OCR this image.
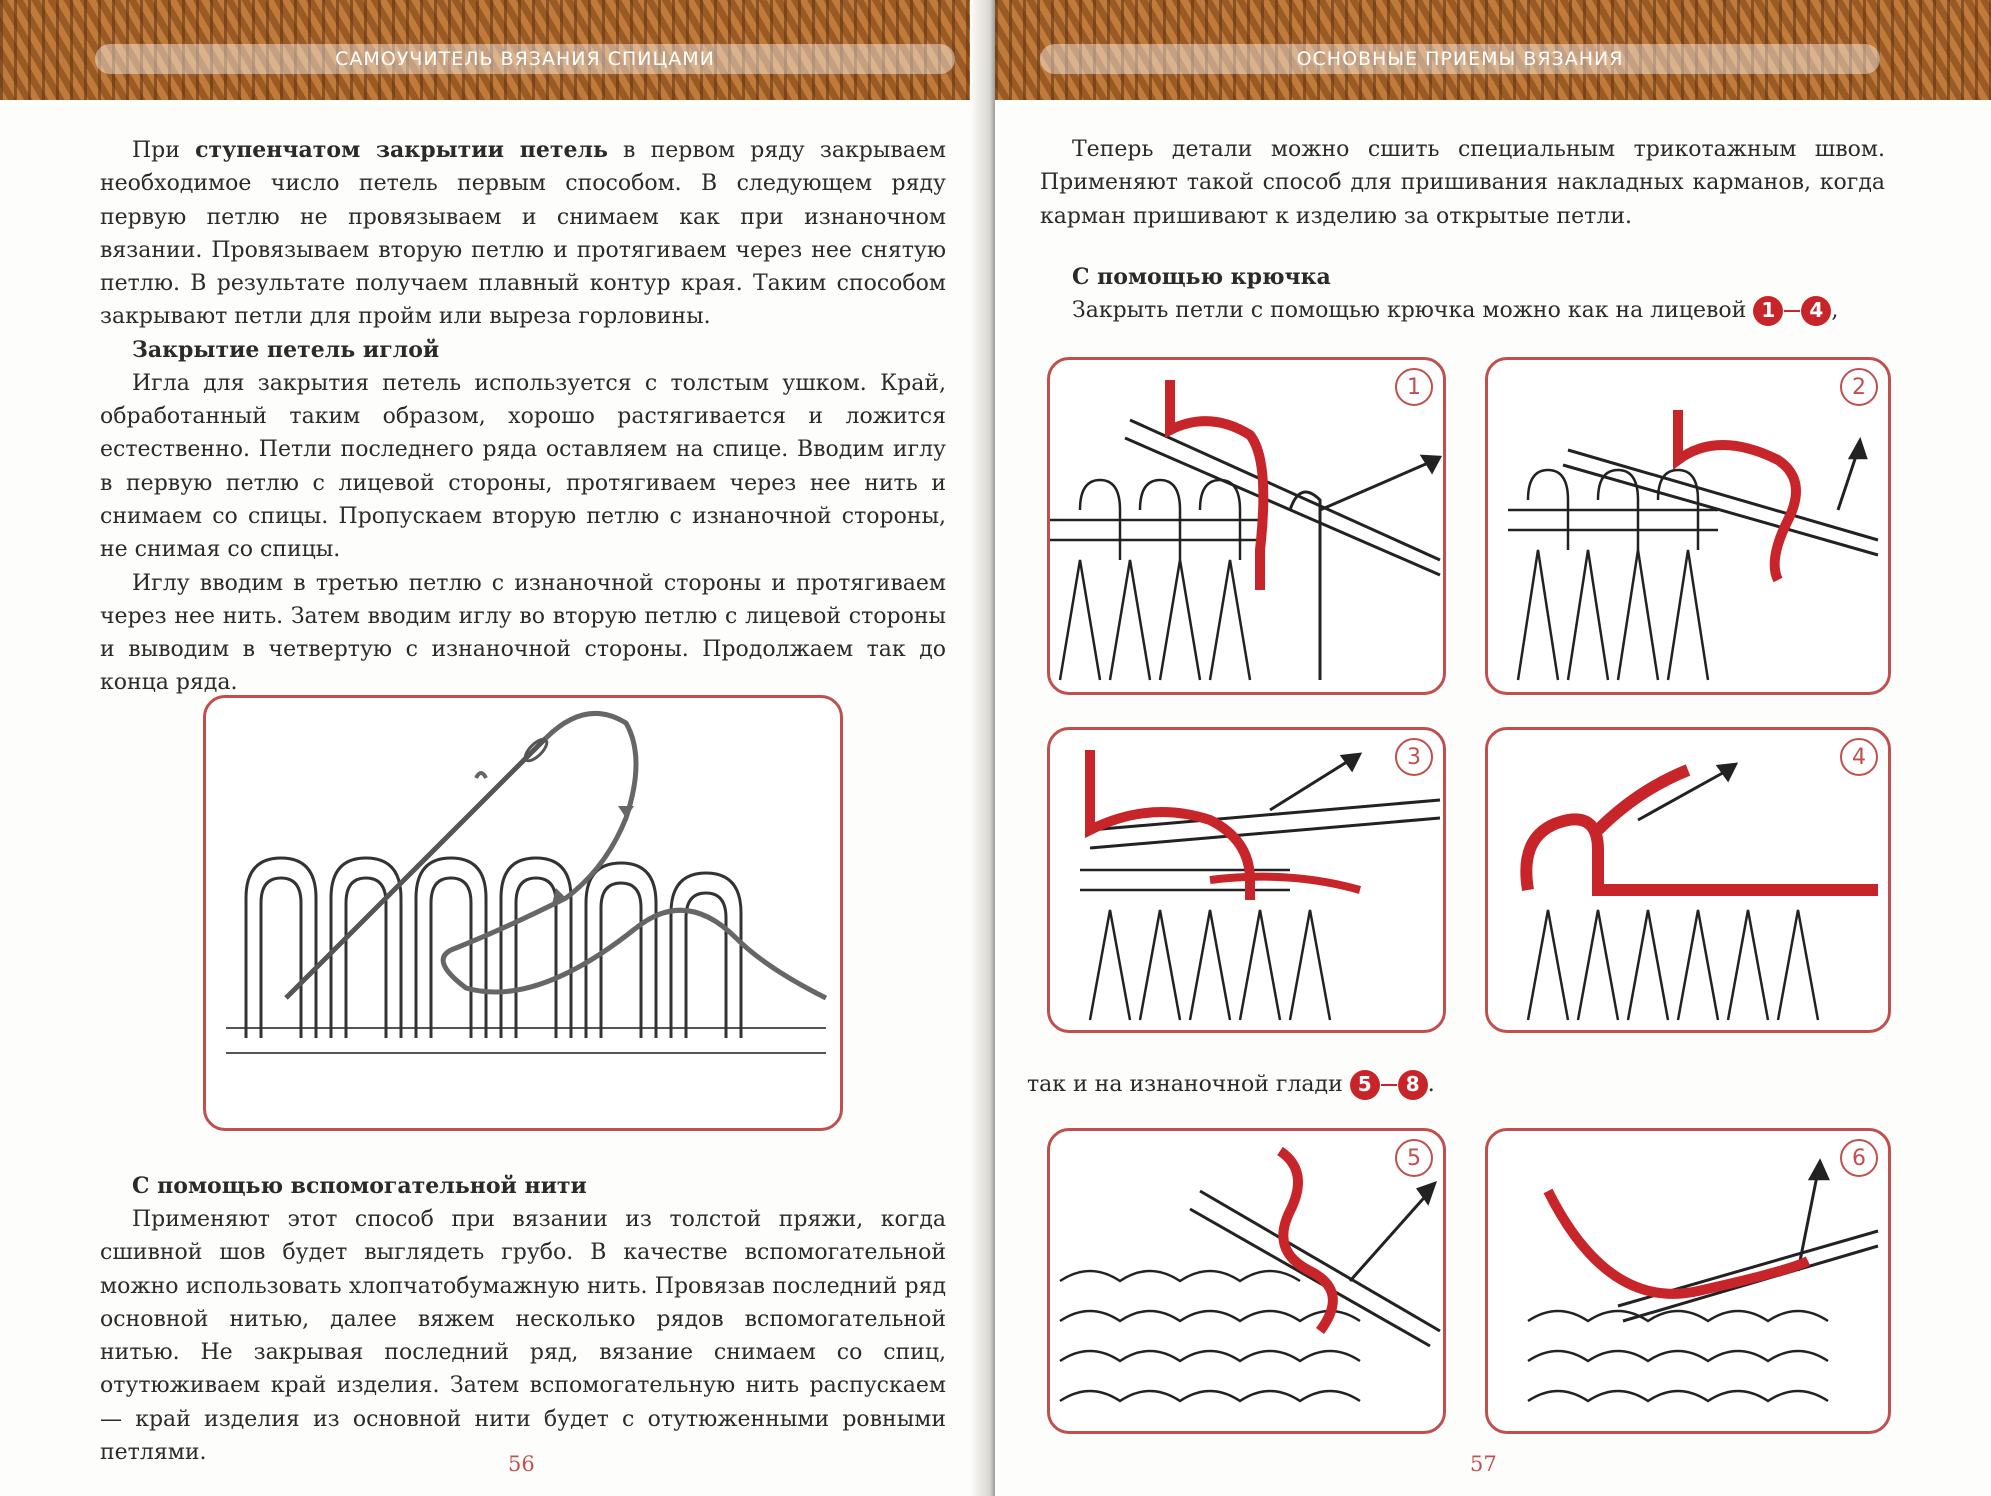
САМОУЧИТЕЛЬ ВЯЗАНИЯ СПИЦАМИ

При ступенчатом закрытии петель в первом ряду закрываем необходимое число петель первым способом. В следующем ряду первую петлю не провязываем и снимаем как при изнаночном вязании. Провязываем вторую петлю и протягиваем через нее снятую петлю. В результате получаем плавный контур края. Таким способом закрывают петли для пройм или выреза горловины.

Закрытие петель иглой

Игла для закрытия петель используется с толстым ушком. Край, обработанный таким образом, хорошо растягивается и ложится естественно. Петли последнего ряда оставляем на спице. Вводим иглу в первую петлю с лицевой стороны, протягиваем через нее нить и снимаем со спицы. Пропускаем вторую петлю с изнаночной стороны, не снимая со спицы.

Иглу вводим в третью петлю с изнаночной стороны и протягиваем через нее нить. Затем вводим иглу во вторую петлю с лицевой стороны и выводим в четвертую с изнаночной стороны. Продолжаем так до конца ряда.

С помощью вспомогательной нити

Применяют этот способ при вязании из толстой пряжи, когда сшивной шов будет выглядеть грубо. В качестве вспомогательной можно использовать хлопчатобумажную нить. Провязав последний ряд основной нитью, далее вяжем несколько рядов вспомогательной нитью. Не закрывая последний ряд, вязание снимаем со спиц, отутюживаем край изделия. Затем вспомогательную нить распускаем — край изделия из основной нити будет с отутюженными ровными петлями.	56
ОСНОВНЫЕ ПРИЕМЫ ВЯЗАНИЯ

Теперь детали можно сшить специальным трикотажным швом. Применяют такой способ для пришивания накладных карманов, когда карман пришивают к изделию за открытые петли.

С помощью крючка

Закрыть петли с помощью крючка можно как на лицевой 1 4 ,

1	2
3	4

так и на изнаночной глади 5 8 .

5	6
57
